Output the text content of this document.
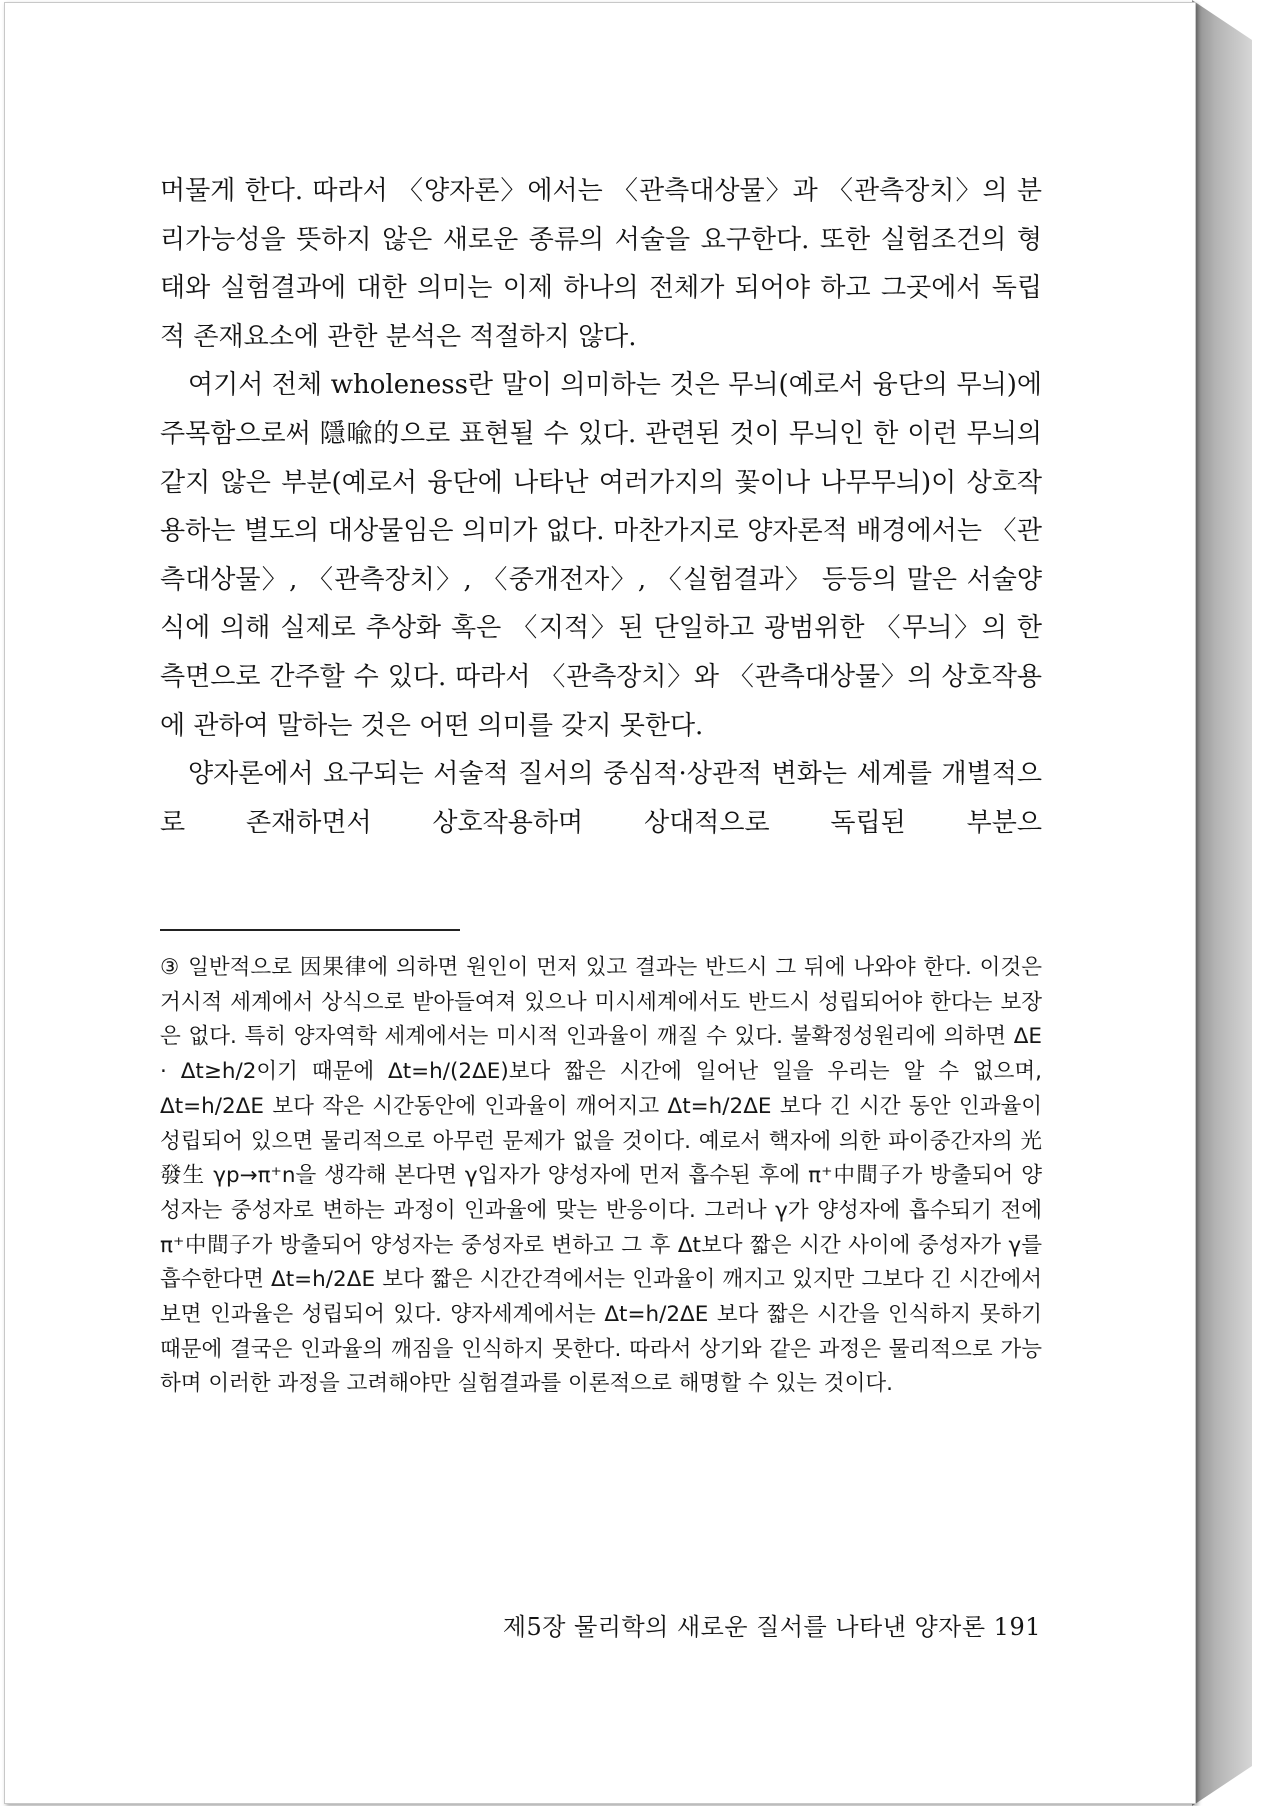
머물게 한다. 따라서 〈양자론〉에서는 〈관측대상물〉과 〈관측장치〉의 분리가능성을 뜻하지 않은 새로운 종류의 서술을 요구한다. 또한 실험조건의 형태와 실험결과에 대한 의미는 이제 하나의 전체가 되어야 하고 그곳에서 독립적 존재요소에 관한 분석은 적절하지 않다.

여기서 전체 wholeness란 말이 의미하는 것은 무늬(예로서 융단의 무늬)에 주목함으로써 隱喩的으로 표현될 수 있다. 관련된 것이 무늬인 한 이런 무늬의 같지 않은 부분(예로서 융단에 나타난 여러가지의 꽃이나 나무무늬)이 상호작용하는 별도의 대상물임은 의미가 없다. 마찬가지로 양자론적 배경에서는 〈관측대상물〉, 〈관측장치〉, 〈중개전자〉, 〈실험결과〉 등등의 말은 서술양식에 의해 실제로 추상화 혹은 〈지적〉된 단일하고 광범위한 〈무늬〉의 한 측면으로 간주할 수 있다. 따라서 〈관측장치〉와 〈관측대상물〉의 상호작용에 관하여 말하는 것은 어떤 의미를 갖지 못한다.

양자론에서 요구되는 서술적 질서의 중심적·상관적 변화는 세계를 개별적으로 존재하면서 상호작용하며 상대적으로 독립된 부분으

③ 일반적으로 因果律에 의하면 원인이 먼저 있고 결과는 반드시 그 뒤에 나와야 한다. 이것은 거시적 세계에서 상식으로 받아들여져 있으나 미시세계에서도 반드시 성립되어야 한다는 보장은 없다. 특히 양자역학 세계에서는 미시적 인과율이 깨질 수 있다. 불확정성원리에 의하면 ΔE · Δt≥h/2이기 때문에 Δt=h/(2ΔE)보다 짧은 시간에 일어난 일을 우리는 알 수 없으며, Δt=h/2ΔE 보다 작은 시간동안에 인과율이 깨어지고 Δt=h/2ΔE 보다 긴 시간 동안 인과율이 성립되어 있으면 물리적으로 아무런 문제가 없을 것이다. 예로서 핵자에 의한 파이중간자의 光發生 γp→π⁺n을 생각해 본다면 γ입자가 양성자에 먼저 흡수된 후에 π⁺中間子가 방출되어 양성자는 중성자로 변하는 과정이 인과율에 맞는 반응이다. 그러나 γ가 양성자에 흡수되기 전에 π⁺中間子가 방출되어 양성자는 중성자로 변하고 그 후 Δt보다 짧은 시간 사이에 중성자가 γ를 흡수한다면 Δt=h/2ΔE 보다 짧은 시간간격에서는 인과율이 깨지고 있지만 그보다 긴 시간에서 보면 인과율은 성립되어 있다. 양자세계에서는 Δt=h/2ΔE 보다 짧은 시간을 인식하지 못하기 때문에 결국은 인과율의 깨짐을 인식하지 못한다. 따라서 상기와 같은 과정은 물리적으로 가능하며 이러한 과정을 고려해야만 실험결과를 이론적으로 해명할 수 있는 것이다.

제5장 물리학의 새로운 질서를 나타낸 양자론 191
